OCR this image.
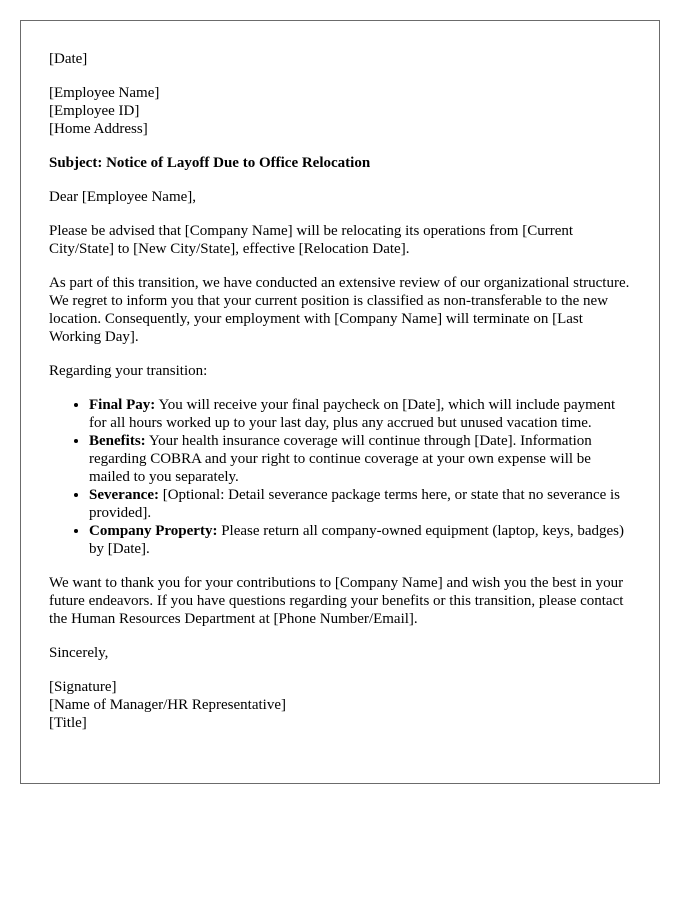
[Date]

[Employee Name]
[Employee ID]
[Home Address]

Subject: Notice of Layoff Due to Office Relocation

Dear [Employee Name],

Please be advised that [Company Name] will be relocating its operations from [Current City/State] to [New City/State], effective [Relocation Date].

As part of this transition, we have conducted an extensive review of our organizational structure. We regret to inform you that your current position is classified as non-transferable to the new location. Consequently, your employment with [Company Name] will terminate on [Last Working Day].

Regarding your transition:

• Final Pay: You will receive your final paycheck on [Date], which will include payment for all hours worked up to your last day, plus any accrued but unused vacation time.
• Benefits: Your health insurance coverage will continue through [Date]. Information regarding COBRA and your right to continue coverage at your own expense will be mailed to you separately.
• Severance: [Optional: Detail severance package terms here, or state that no severance is provided].
• Company Property: Please return all company-owned equipment (laptop, keys, badges) by [Date].

We want to thank you for your contributions to [Company Name] and wish you the best in your future endeavors. If you have questions regarding your benefits or this transition, please contact the Human Resources Department at [Phone Number/Email].

Sincerely,

[Signature]
[Name of Manager/HR Representative]
[Title]
